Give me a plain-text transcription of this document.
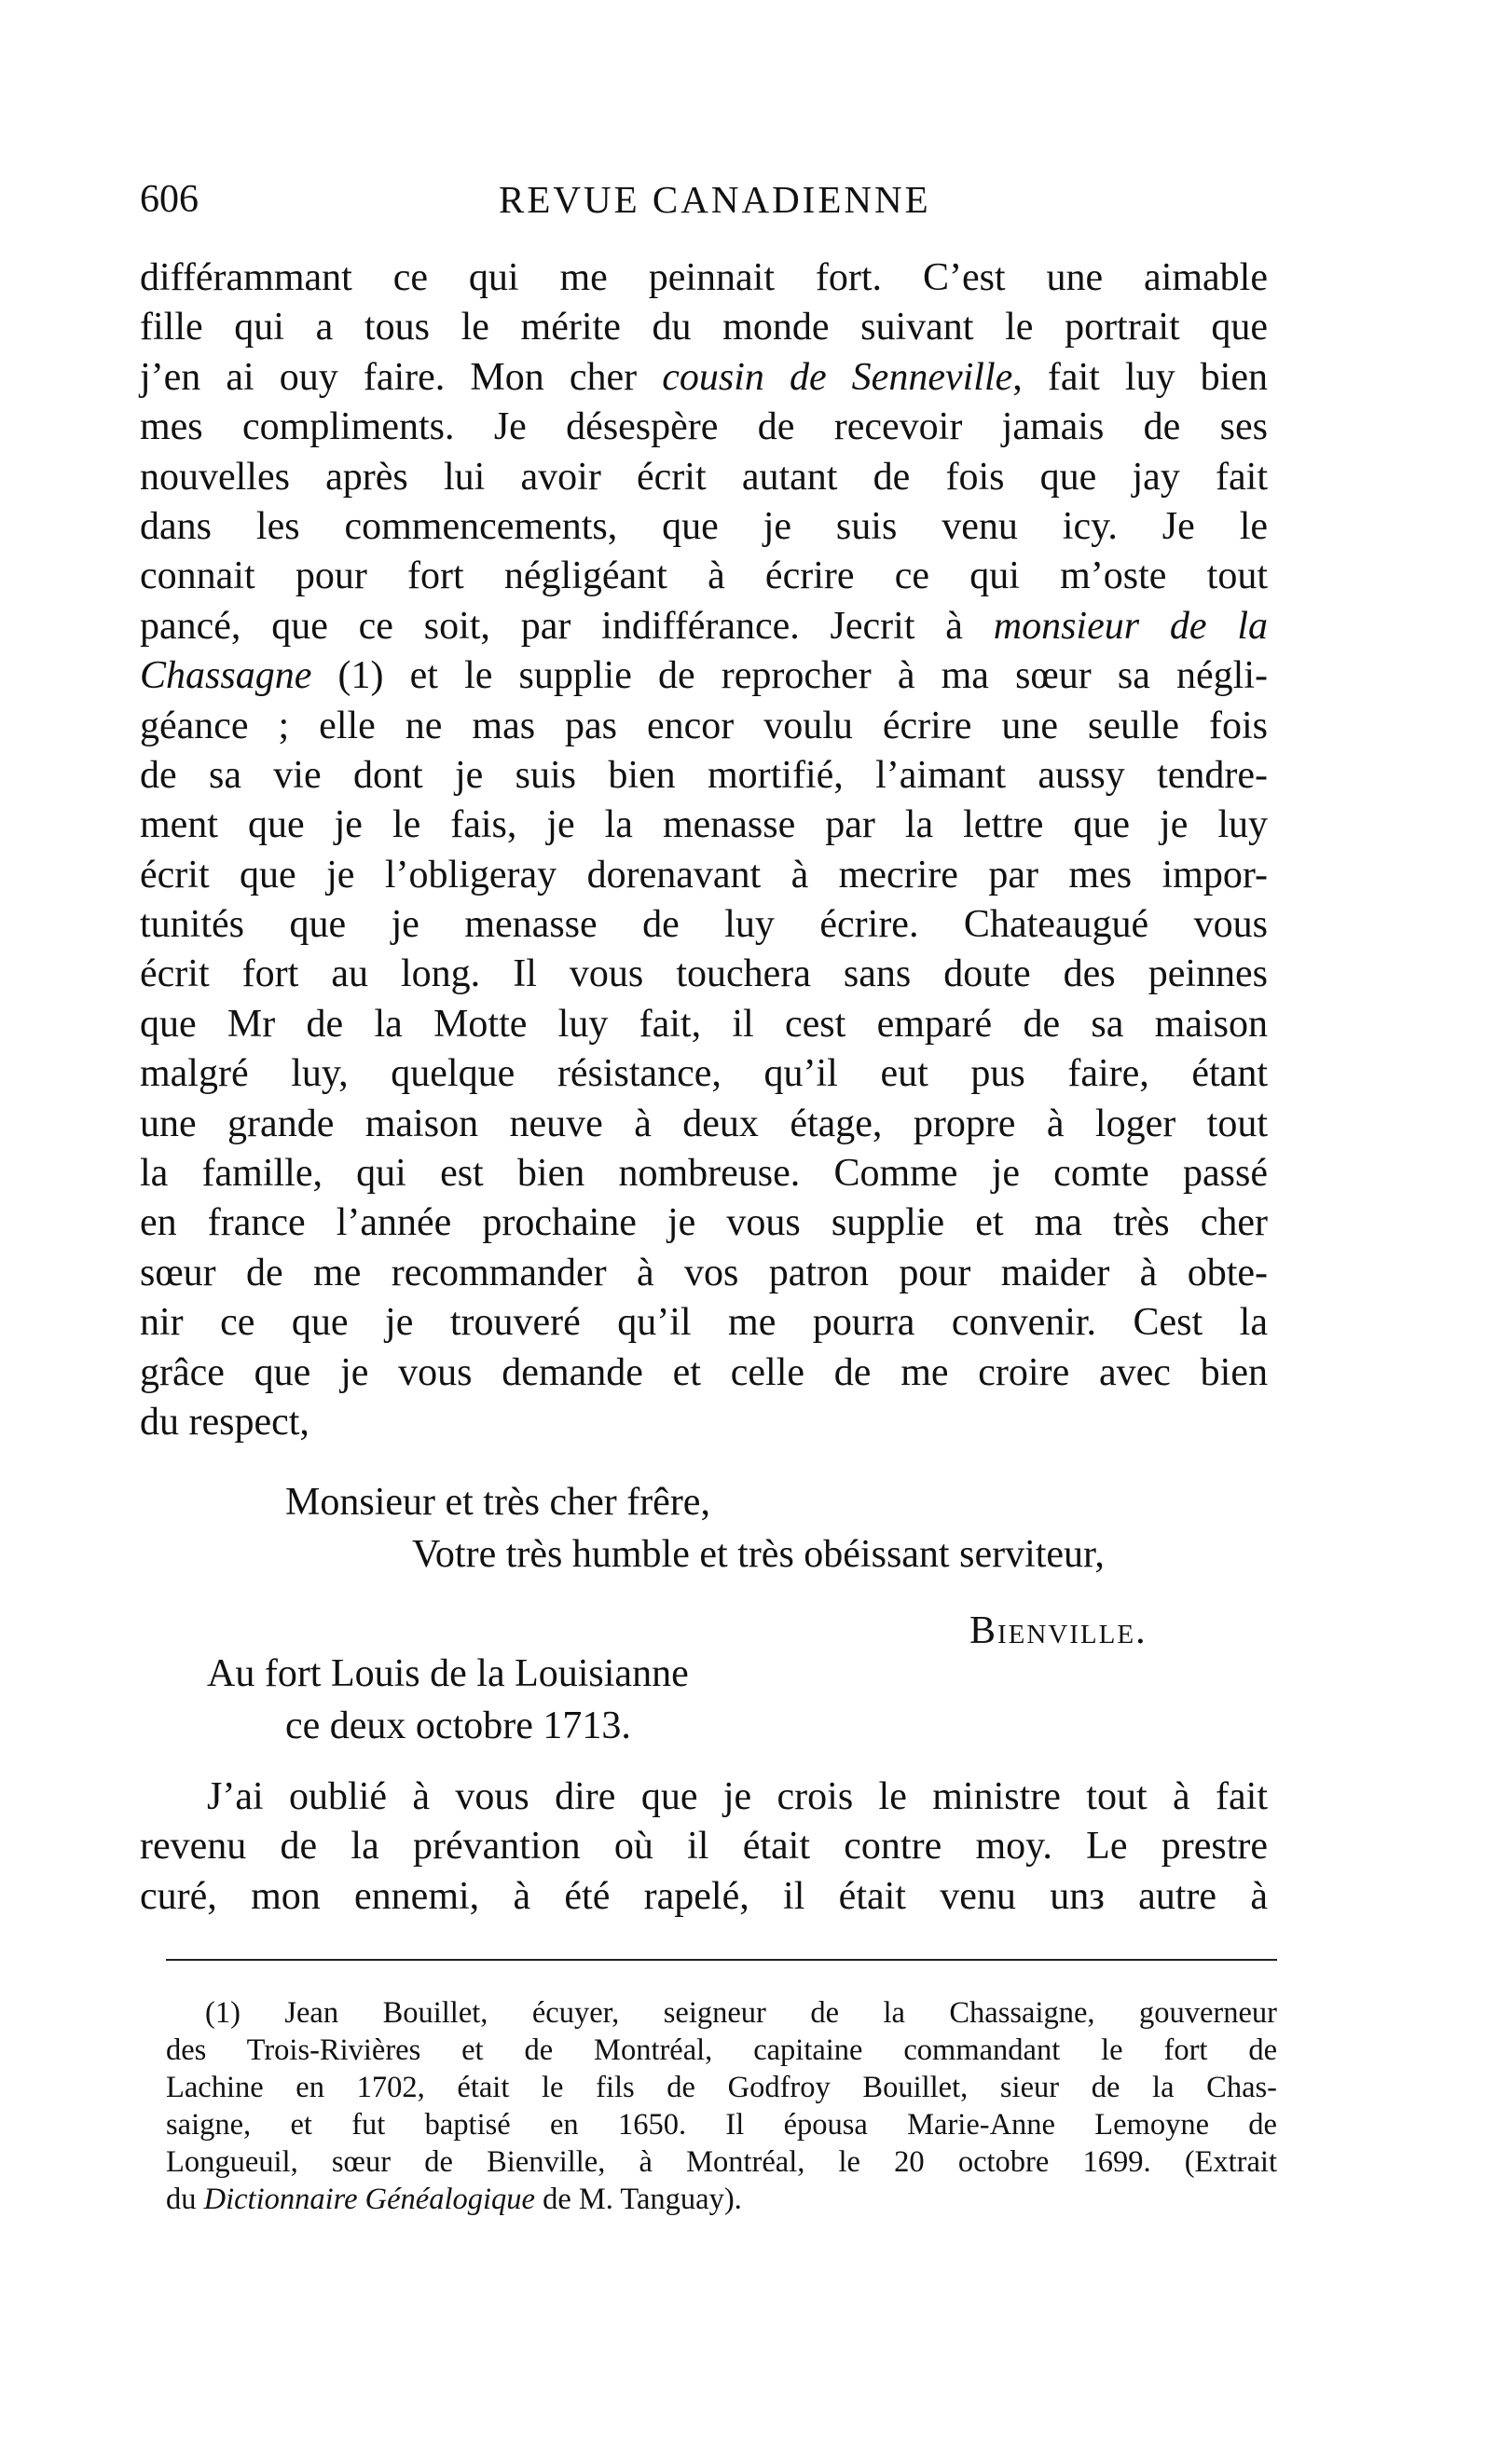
606	REVUE CANADIENNE
différammant ce qui me peinnait fort. C’est une aimable
fille qui a tous le mérite du monde suivant le portrait que
j’en ai ouy faire. Mon cher cousin de Senneville, fait luy bien
mes compliments. Je désespère de recevoir jamais de ses
nouvelles après lui avoir écrit autant de fois que jay fait
dans les commencements, que je suis venu icy. Je le
connait pour fort négligéant à écrire ce qui m’oste tout
pancé, que ce soit, par indifférance. Jecrit à monsieur de la
Chassagne (1) et le supplie de reprocher à ma sœur sa négli-
géance ; elle ne mas pas encor voulu écrire une seulle fois
de sa vie dont je suis bien mortifié, l’aimant aussy tendre-
ment que je le fais, je la menasse par la lettre que je luy
écrit que je l’obligeray dorenavant à mecrire par mes impor-
tunités que je menasse de luy écrire. Chateaugué vous
écrit fort au long. Il vous touchera sans doute des peinnes
que Mr de la Motte luy fait, il cest emparé de sa maison
malgré luy, quelque résistance, qu’il eut pus faire, étant
une grande maison neuve à deux étage, propre à loger tout
la famille, qui est bien nombreuse. Comme je comte passé
en france l’année prochaine je vous supplie et ma très cher
sœur de me recommander à vos patron pour maider à obte-
nir ce que je trouveré qu’il me pourra convenir. Cest la
grâce que je vous demande et celle de me croire avec bien
du respect,
Monsieur et très cher frêre,
Votre très humble et très obéissant serviteur,
Bienville.
Au fort Louis de la Louisianne
ce deux octobre 1713.
J’ai oublié à vous dire que je crois le ministre tout à fait
revenu de la prévantion où il était contre moy. Le prestre
curé, mon ennemi, à été rapelé, il était venu unз autre à
(1) Jean Bouillet, écuyer, seigneur de la Chassaigne, gouverneur
des Trois-Rivières et de Montréal, capitaine commandant le fort de
Lachine en 1702, était le fils de Godfroy Bouillet, sieur de la Chas-
saigne, et fut baptisé en 1650. Il épousa Marie-Anne Lemoyne de
Longueuil, sœur de Bienville, à Montréal, le 20 octobre 1699. (Extrait
du Dictionnaire Généalogique de M. Tanguay).
